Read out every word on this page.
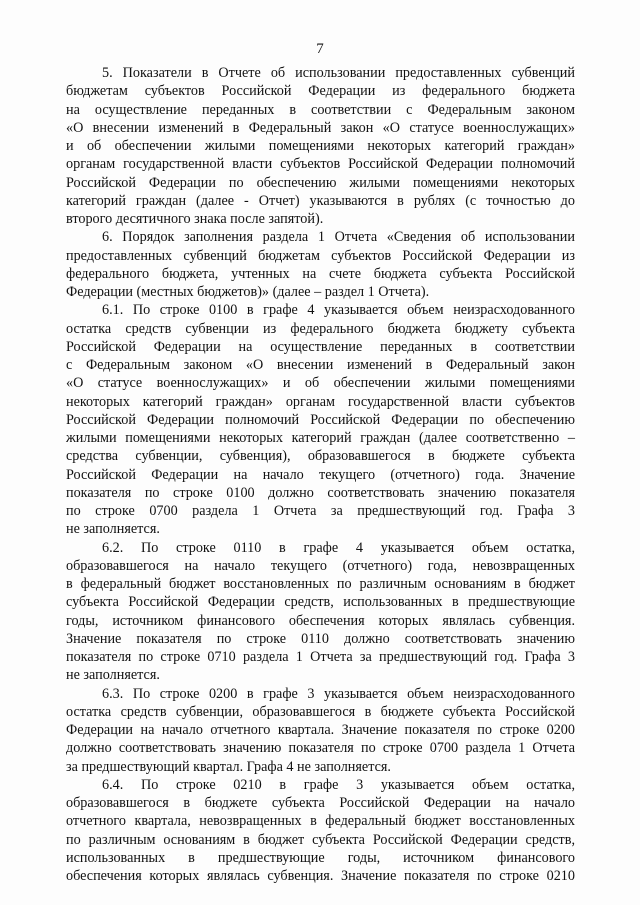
7
5. Показатели в Отчете об использовании предоставленных субвенций
бюджетам субъектов Российской Федерации из федерального бюджета
на осуществление переданных в соответствии с Федеральным законом
«О внесении изменений в Федеральный закон «О статусе военнослужащих»
и об обеспечении жилыми помещениями некоторых категорий граждан»
органам государственной власти субъектов Российской Федерации полномочий
Российской Федерации по обеспечению жилыми помещениями некоторых
категорий граждан (далее - Отчет) указываются в рублях (с точностью до
второго десятичного знака после запятой).
6. Порядок заполнения раздела 1 Отчета «Сведения об использовании
предоставленных субвенций бюджетам субъектов Российской Федерации из
федерального бюджета, учтенных на счете бюджета субъекта Российской
Федерации (местных бюджетов)» (далее – раздел 1 Отчета).
6.1. По строке 0100 в графе 4 указывается объем неизрасходованного
остатка средств субвенции из федерального бюджета бюджету субъекта
Российской Федерации на осуществление переданных в соответствии
с Федеральным законом «О внесении изменений в Федеральный закон
«О статусе военнослужащих» и об обеспечении жилыми помещениями
некоторых категорий граждан» органам государственной власти субъектов
Российской Федерации полномочий Российской Федерации по обеспечению
жилыми помещениями некоторых категорий граждан (далее соответственно –
средства субвенции, субвенция), образовавшегося в бюджете субъекта
Российской Федерации на начало текущего (отчетного) года. Значение
показателя по строке 0100 должно соответствовать значению показателя
по строке 0700 раздела 1 Отчета за предшествующий год. Графа 3
не заполняется.
6.2. По строке 0110 в графе 4 указывается объем остатка,
образовавшегося на начало текущего (отчетного) года, невозвращенных
в федеральный бюджет восстановленных по различным основаниям в бюджет
субъекта Российской Федерации средств, использованных в предшествующие
годы, источником финансового обеспечения которых являлась субвенция.
Значение показателя по строке 0110 должно соответствовать значению
показателя по строке 0710 раздела 1 Отчета за предшествующий год. Графа 3
не заполняется.
6.3. По строке 0200 в графе 3 указывается объем неизрасходованного
остатка средств субвенции, образовавшегося в бюджете субъекта Российской
Федерации на начало отчетного квартала. Значение показателя по строке 0200
должно соответствовать значению показателя по строке 0700 раздела 1 Отчета
за предшествующий квартал. Графа 4 не заполняется.
6.4. По строке 0210 в графе 3 указывается объем остатка,
образовавшегося в бюджете субъекта Российской Федерации на начало
отчетного квартала, невозвращенных в федеральный бюджет восстановленных
по различным основаниям в бюджет субъекта Российской Федерации средств,
использованных в предшествующие годы, источником финансового
обеспечения которых являлась субвенция. Значение показателя по строке 0210
